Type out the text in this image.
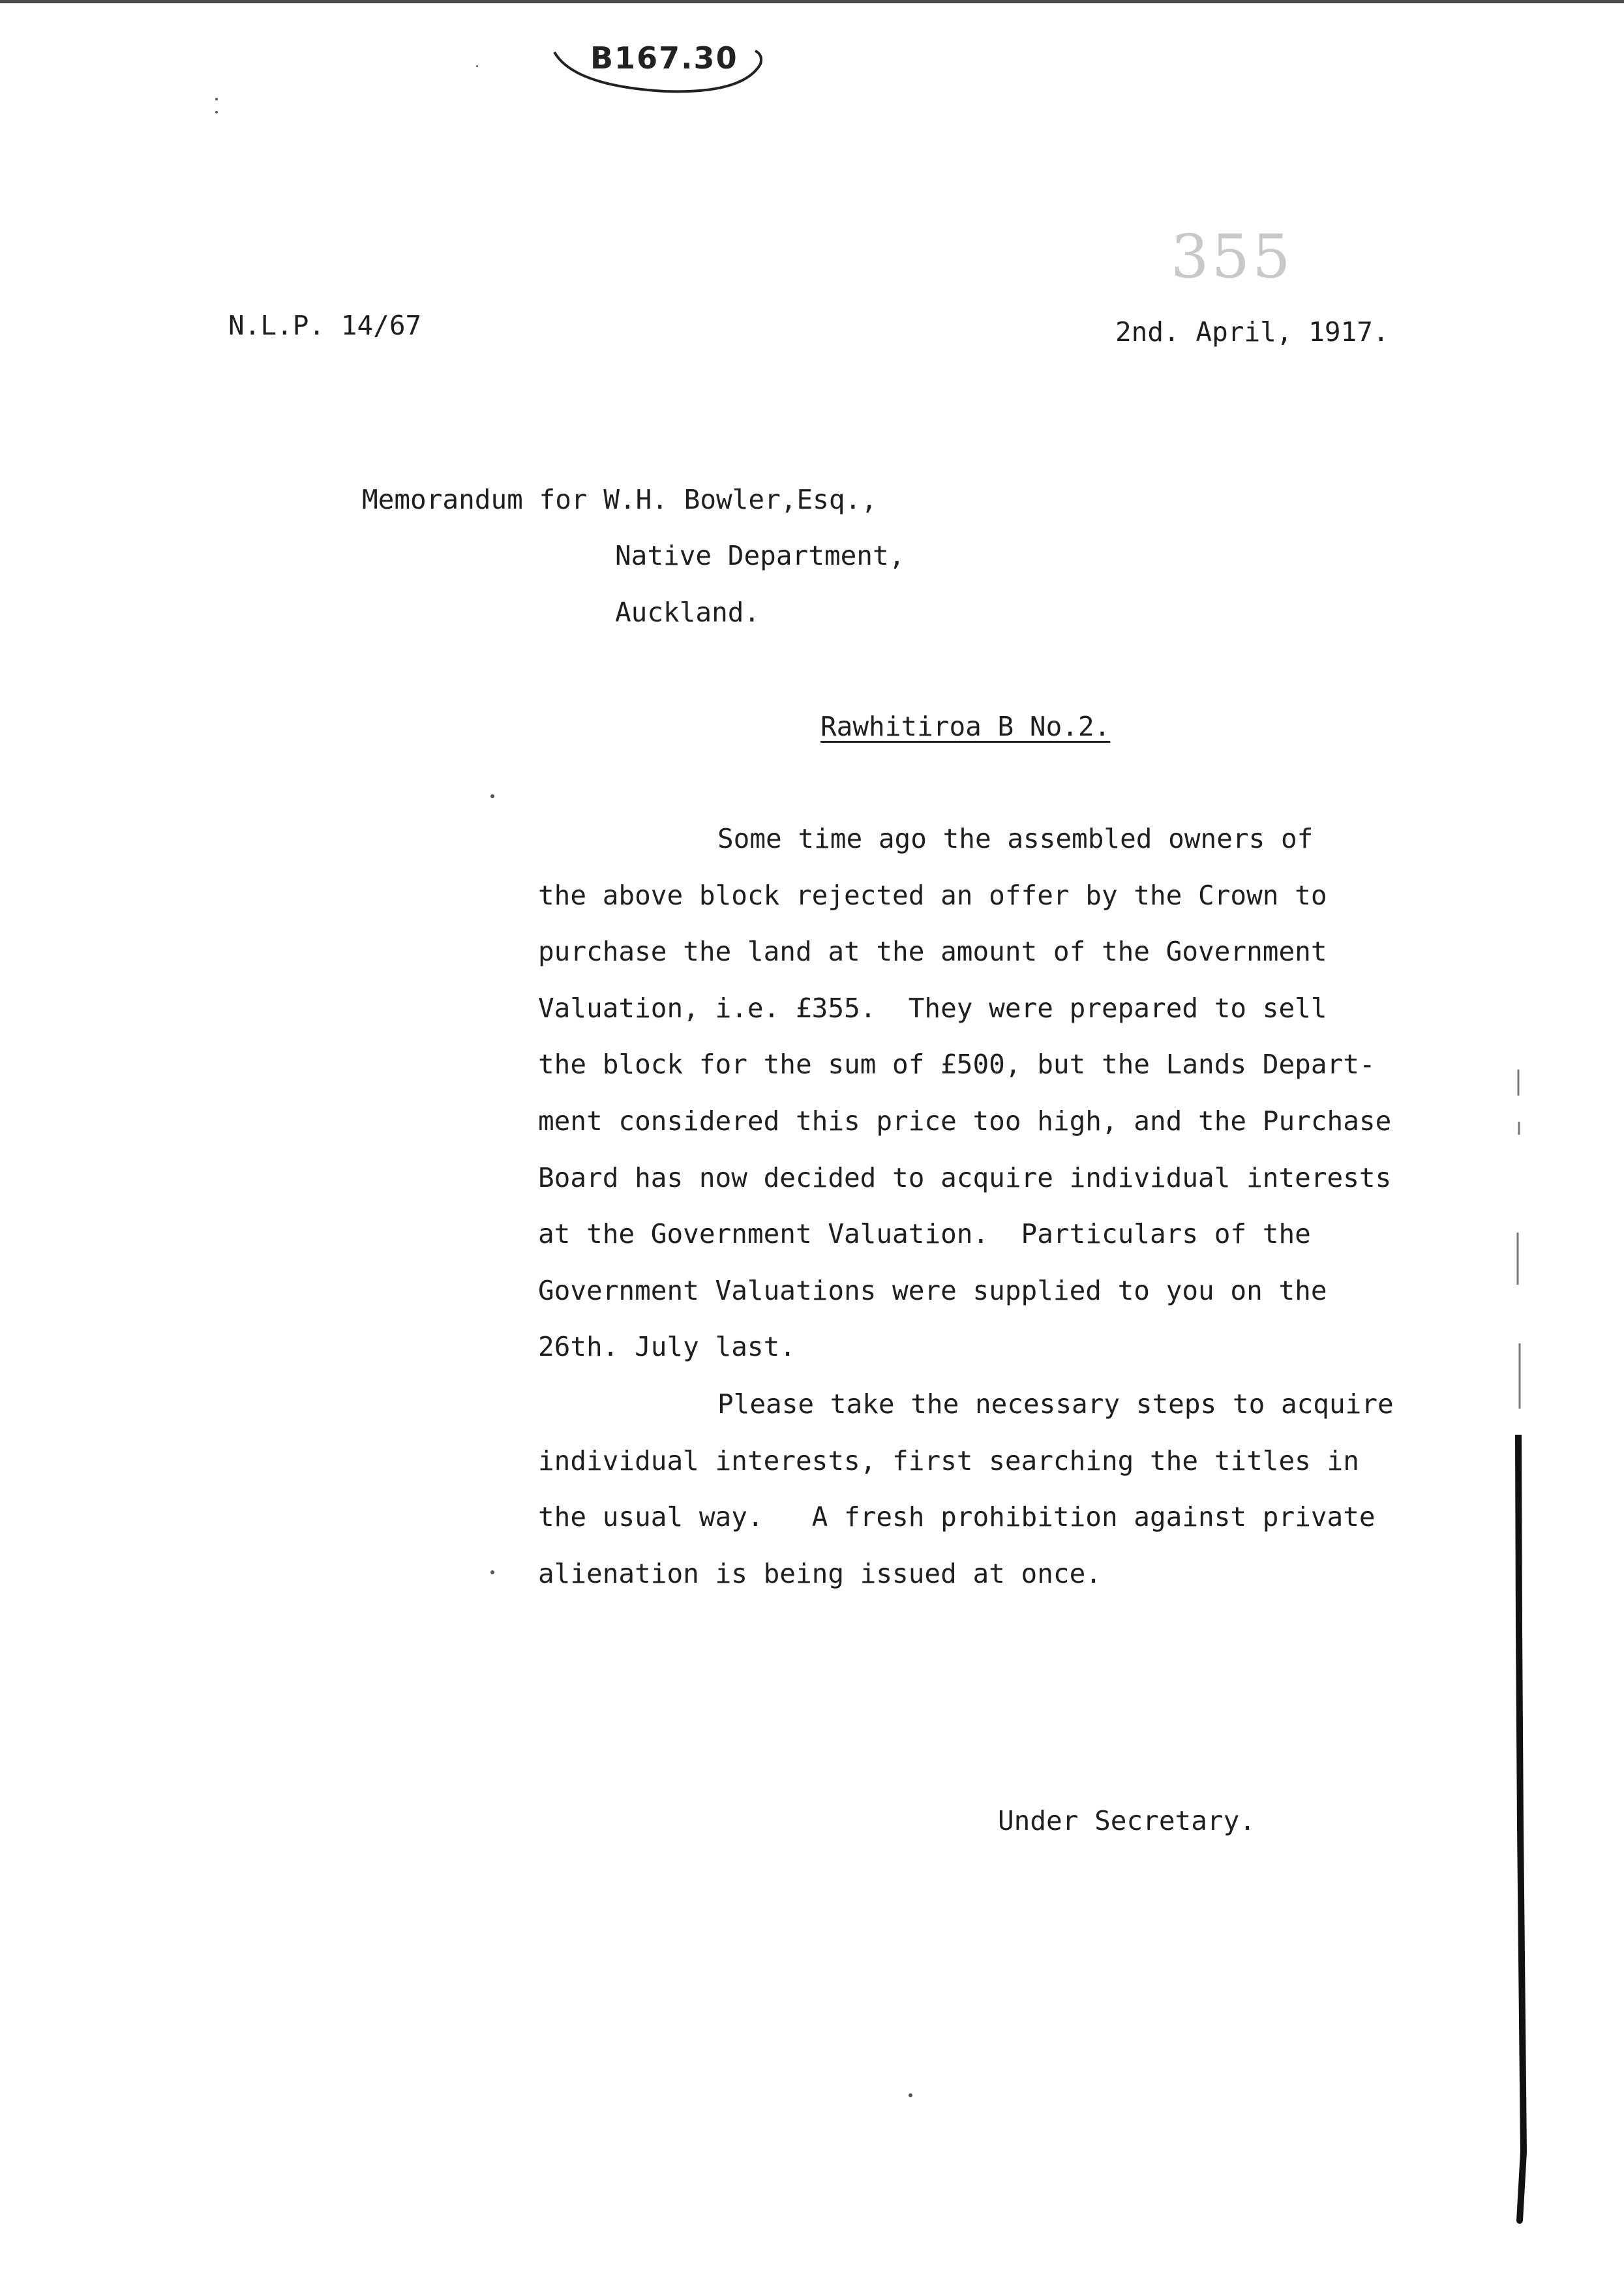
B167.30
355
N.L.P. 14/67	2nd. April, 1917.
Memorandum for W.H. Bowler,Esq.,
Native Department,
Auckland.
Rawhitiroa B No.2.
Some time ago the assembled owners of
the above block rejected an offer by the Crown to
purchase the land at the amount of the Government
Valuation, i.e. £355.  They were prepared to sell
the block for the sum of £500, but the Lands Depart-
ment considered this price too high, and the Purchase
Board has now decided to acquire individual interests
at the Government Valuation.  Particulars of the
Government Valuations were supplied to you on the
26th. July last.
Please take the necessary steps to acquire
individual interests, first searching the titles in
the usual way.   A fresh prohibition against private
alienation is being issued at once.
Under Secretary.
